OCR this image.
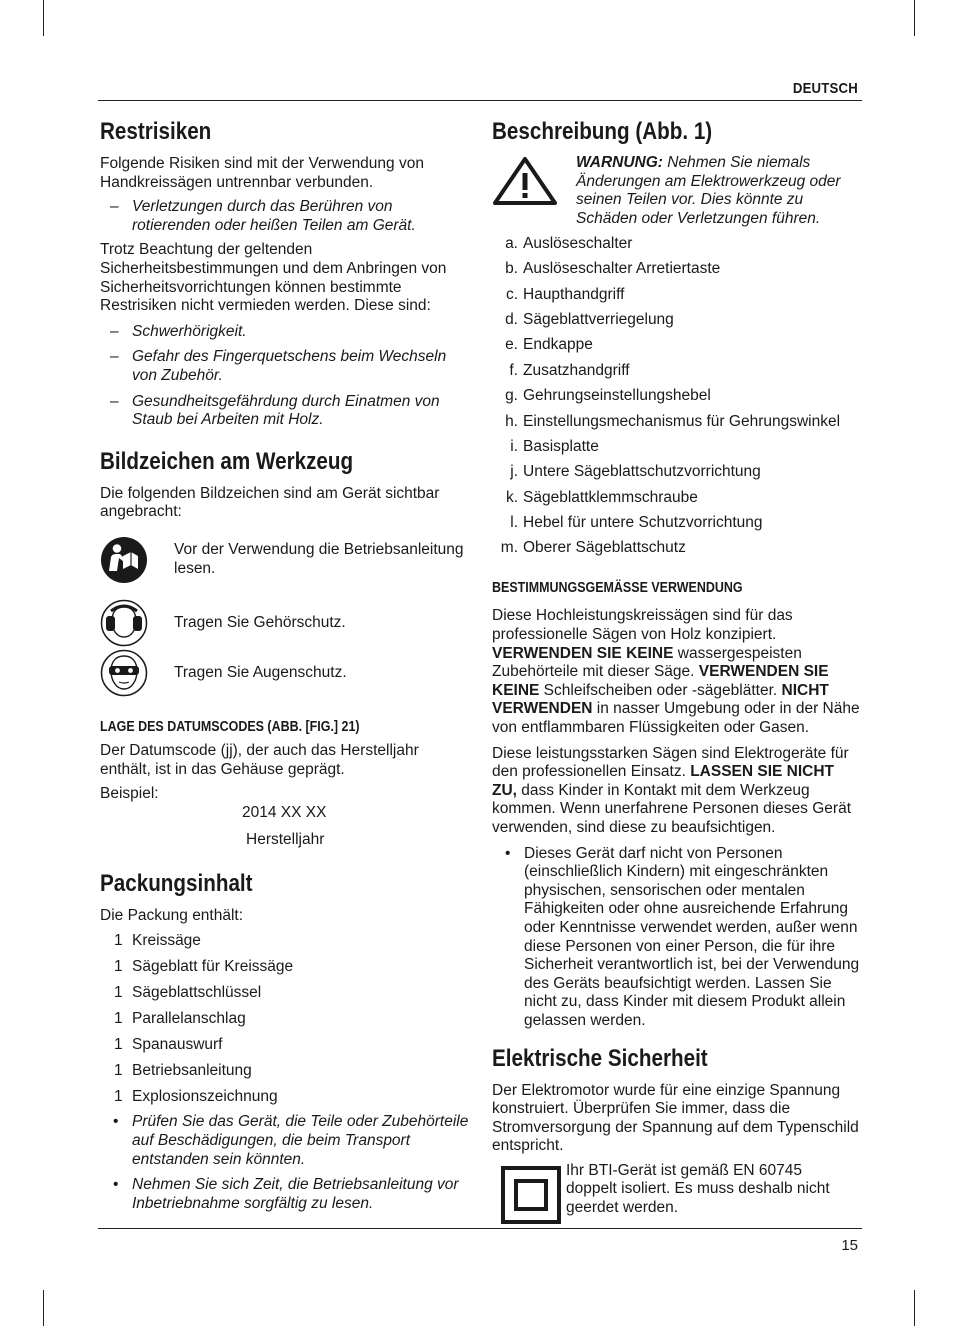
DEUTSCH
Restrisiken

Folgende Risiken sind mit der Verwendung von Handkreissägen untrennbar verbunden.

– Verletzungen durch das Berühren von rotierenden oder heißen Teilen am Gerät.

Trotz Beachtung der geltenden Sicherheitsbestimmungen und dem Anbringen von Sicherheitsvorrichtungen können bestimmte Restrisiken nicht vermieden werden. Diese sind:

– Schwerhörigkeit.
– Gefahr des Fingerquetschens beim Wechseln von Zubehör.
– Gesundheitsgefährdung durch Einatmen von Staub bei Arbeiten mit Holz.
Bildzeichen am Werkzeug

Die folgenden Bildzeichen sind am Gerät sichtbar angebracht:

Vor der Verwendung die Betriebsanleitung lesen.

Tragen Sie Gehörschutz.

Tragen Sie Augenschutz.

LAGE DES DATUMSCODES (ABB. [FIG.] 21)

Der Datumscode (jj), der auch das Herstelljahr enthält, ist in das Gehäuse geprägt.

Beispiel:

2014 XX XX

Herstelljahr

Packungsinhalt

Die Packung enthält:

1 Kreissäge
1 Sägeblatt für Kreissäge
1 Sägeblattschlüssel
1 Parallelanschlag
1 Spanauswurf
1 Betriebsanleitung
1 Explosionszeichnung
• Prüfen Sie das Gerät, die Teile oder Zubehörteile auf Beschädigungen, die beim Transport entstanden sein könnten.
• Nehmen Sie sich Zeit, die Betriebsanleitung vor Inbetriebnahme sorgfältig zu lesen.
Beschreibung (Abb. 1)

WARNUNG: Nehmen Sie niemals Änderungen am Elektrowerkzeug oder seinen Teilen vor. Dies könnte zu Schäden oder Verletzungen führen.

a. Auslöseschalter
b. Auslöseschalter Arretiertaste
c. Haupthandgriff
d. Sägeblattverriegelung
e. Endkappe
f. Zusatzhandgriff
g. Gehrungseinstellungshebel
h. Einstellungsmechanismus für Gehrungswinkel
i. Basisplatte
j. Untere Sägeblattschutzvorrichtung
k. Sägeblattklemmschraube
l. Hebel für untere Schutzvorrichtung
m. Oberer Sägeblattschutz
BESTIMMUNGSGEMÄSSE VERWENDUNG

Diese Hochleistungskreissägen sind für das professionelle Sägen von Holz konzipiert. VERWENDEN SIE KEINE wassergespeisten Zubehörteile mit dieser Säge. VERWENDEN SIE KEINE Schleifscheiben oder -sägeblätter. NICHT VERWENDEN in nasser Umgebung oder in der Nähe von entflammbaren Flüssigkeiten oder Gasen.

Diese leistungsstarken Sägen sind Elektrogeräte für den professionellen Einsatz. LASSEN SIE NICHT ZU, dass Kinder in Kontakt mit dem Werkzeug kommen. Wenn unerfahrene Personen dieses Gerät verwenden, sind diese zu beaufsichtigen.

• Dieses Gerät darf nicht von Personen (einschließlich Kindern) mit eingeschränkten physischen, sensorischen oder mentalen Fähigkeiten oder ohne ausreichende Erfahrung oder Kenntnisse verwendet werden, außer wenn diese Personen von einer Person, die für ihre Sicherheit verantwortlich ist, bei der Verwendung des Geräts beaufsichtigt werden. Lassen Sie nicht zu, dass Kinder mit diesem Produkt allein gelassen werden.
Elektrische Sicherheit

Der Elektromotor wurde für eine einzige Spannung konstruiert. Überprüfen Sie immer, dass die Stromversorgung der Spannung auf dem Typenschild entspricht.

Ihr BTI-Gerät ist gemäß EN 60745 doppelt isoliert. Es muss deshalb nicht geerdet werden.

15
